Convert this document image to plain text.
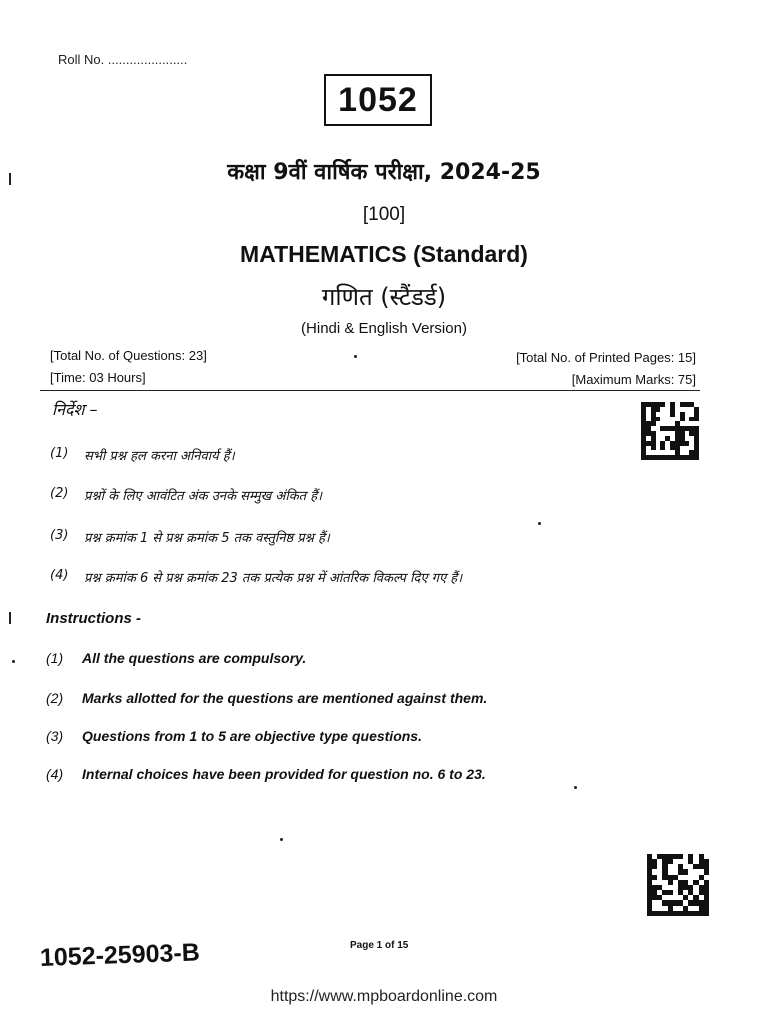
Roll No. ......................
1052
कक्षा 9वीं वार्षिक परीक्षा, 2024-25
[100]
MATHEMATICS (Standard)
गणित (स्टैंडर्ड)
(Hindi & English Version)
[Total No. of Questions: 23]
[Time: 03 Hours]
[Total No. of Printed Pages: 15]
[Maximum Marks: 75]
निर्देश –
(1) सभी प्रश्न हल करना अनिवार्य हैं।
(2) प्रश्नों के लिए आवंटित अंक उनके सम्मुख अंकित हैं।
(3) प्रश्न क्रमांक 1 से प्रश्न क्रमांक 5 तक वस्तुनिष्ठ प्रश्न हैं।
(4) प्रश्न क्रमांक 6 से प्रश्न क्रमांक 23 तक प्रत्येक प्रश्न में आंतरिक विकल्प दिए गए हैं।
Instructions -
(1) All the questions are compulsory.
(2) Marks allotted for the questions are mentioned against them.
(3) Questions from 1 to 5 are objective type questions.
(4) Internal choices have been provided for question no. 6 to 23.
1052-25903-B	Page 1 of 15
https://www.mpboardonline.com
